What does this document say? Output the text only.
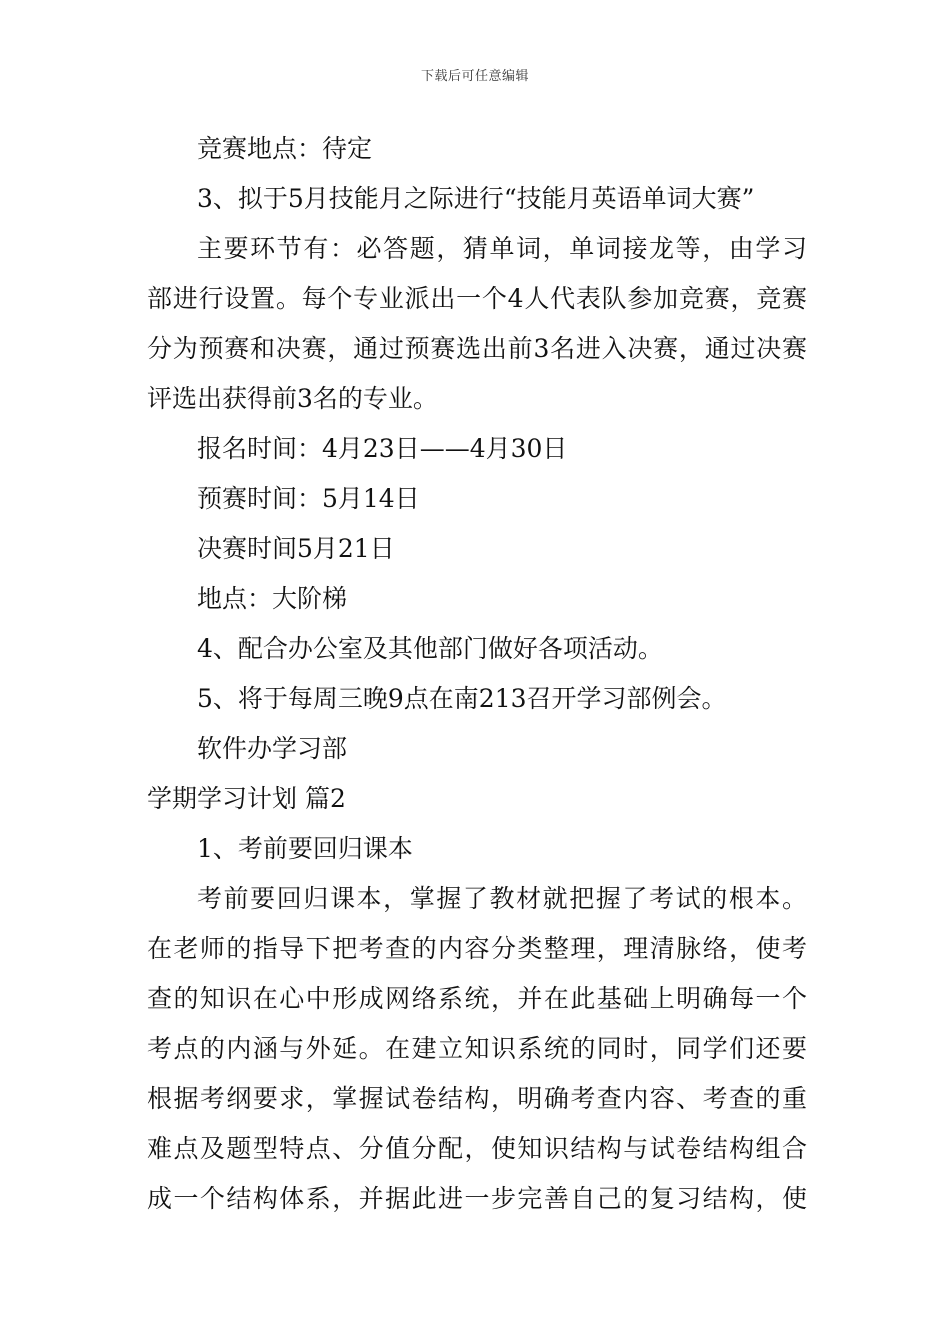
下载后可任意编辑
竞赛地点：待定
3、拟于5月技能月之际进行“技能月英语单词大赛”
主要环节有：必答题，猜单词，单词接龙等，由学习
部进行设置。每个专业派出一个4人代表队参加竞赛，竞赛
分为预赛和决赛，通过预赛选出前3名进入决赛，通过决赛
评选出获得前3名的专业。
报名时间：4月23日——4月30日
预赛时间：5月14日
决赛时间5月21日
地点：大阶梯
4、配合办公室及其他部门做好各项活动。
5、将于每周三晚9点在南213召开学习部例会。
软件办学习部
学期学习计划 篇2
1、考前要回归课本
考前要回归课本，掌握了教材就把握了考试的根本。
在老师的指导下把考查的内容分类整理，理清脉络，使考
查的知识在心中形成网络系统，并在此基础上明确每一个
考点的内涵与外延。在建立知识系统的同时，同学们还要
根据考纲要求，掌握试卷结构，明确考查内容、考查的重
难点及题型特点、分值分配，使知识结构与试卷结构组合
成一个结构体系，并据此进一步完善自己的复习结构，使
